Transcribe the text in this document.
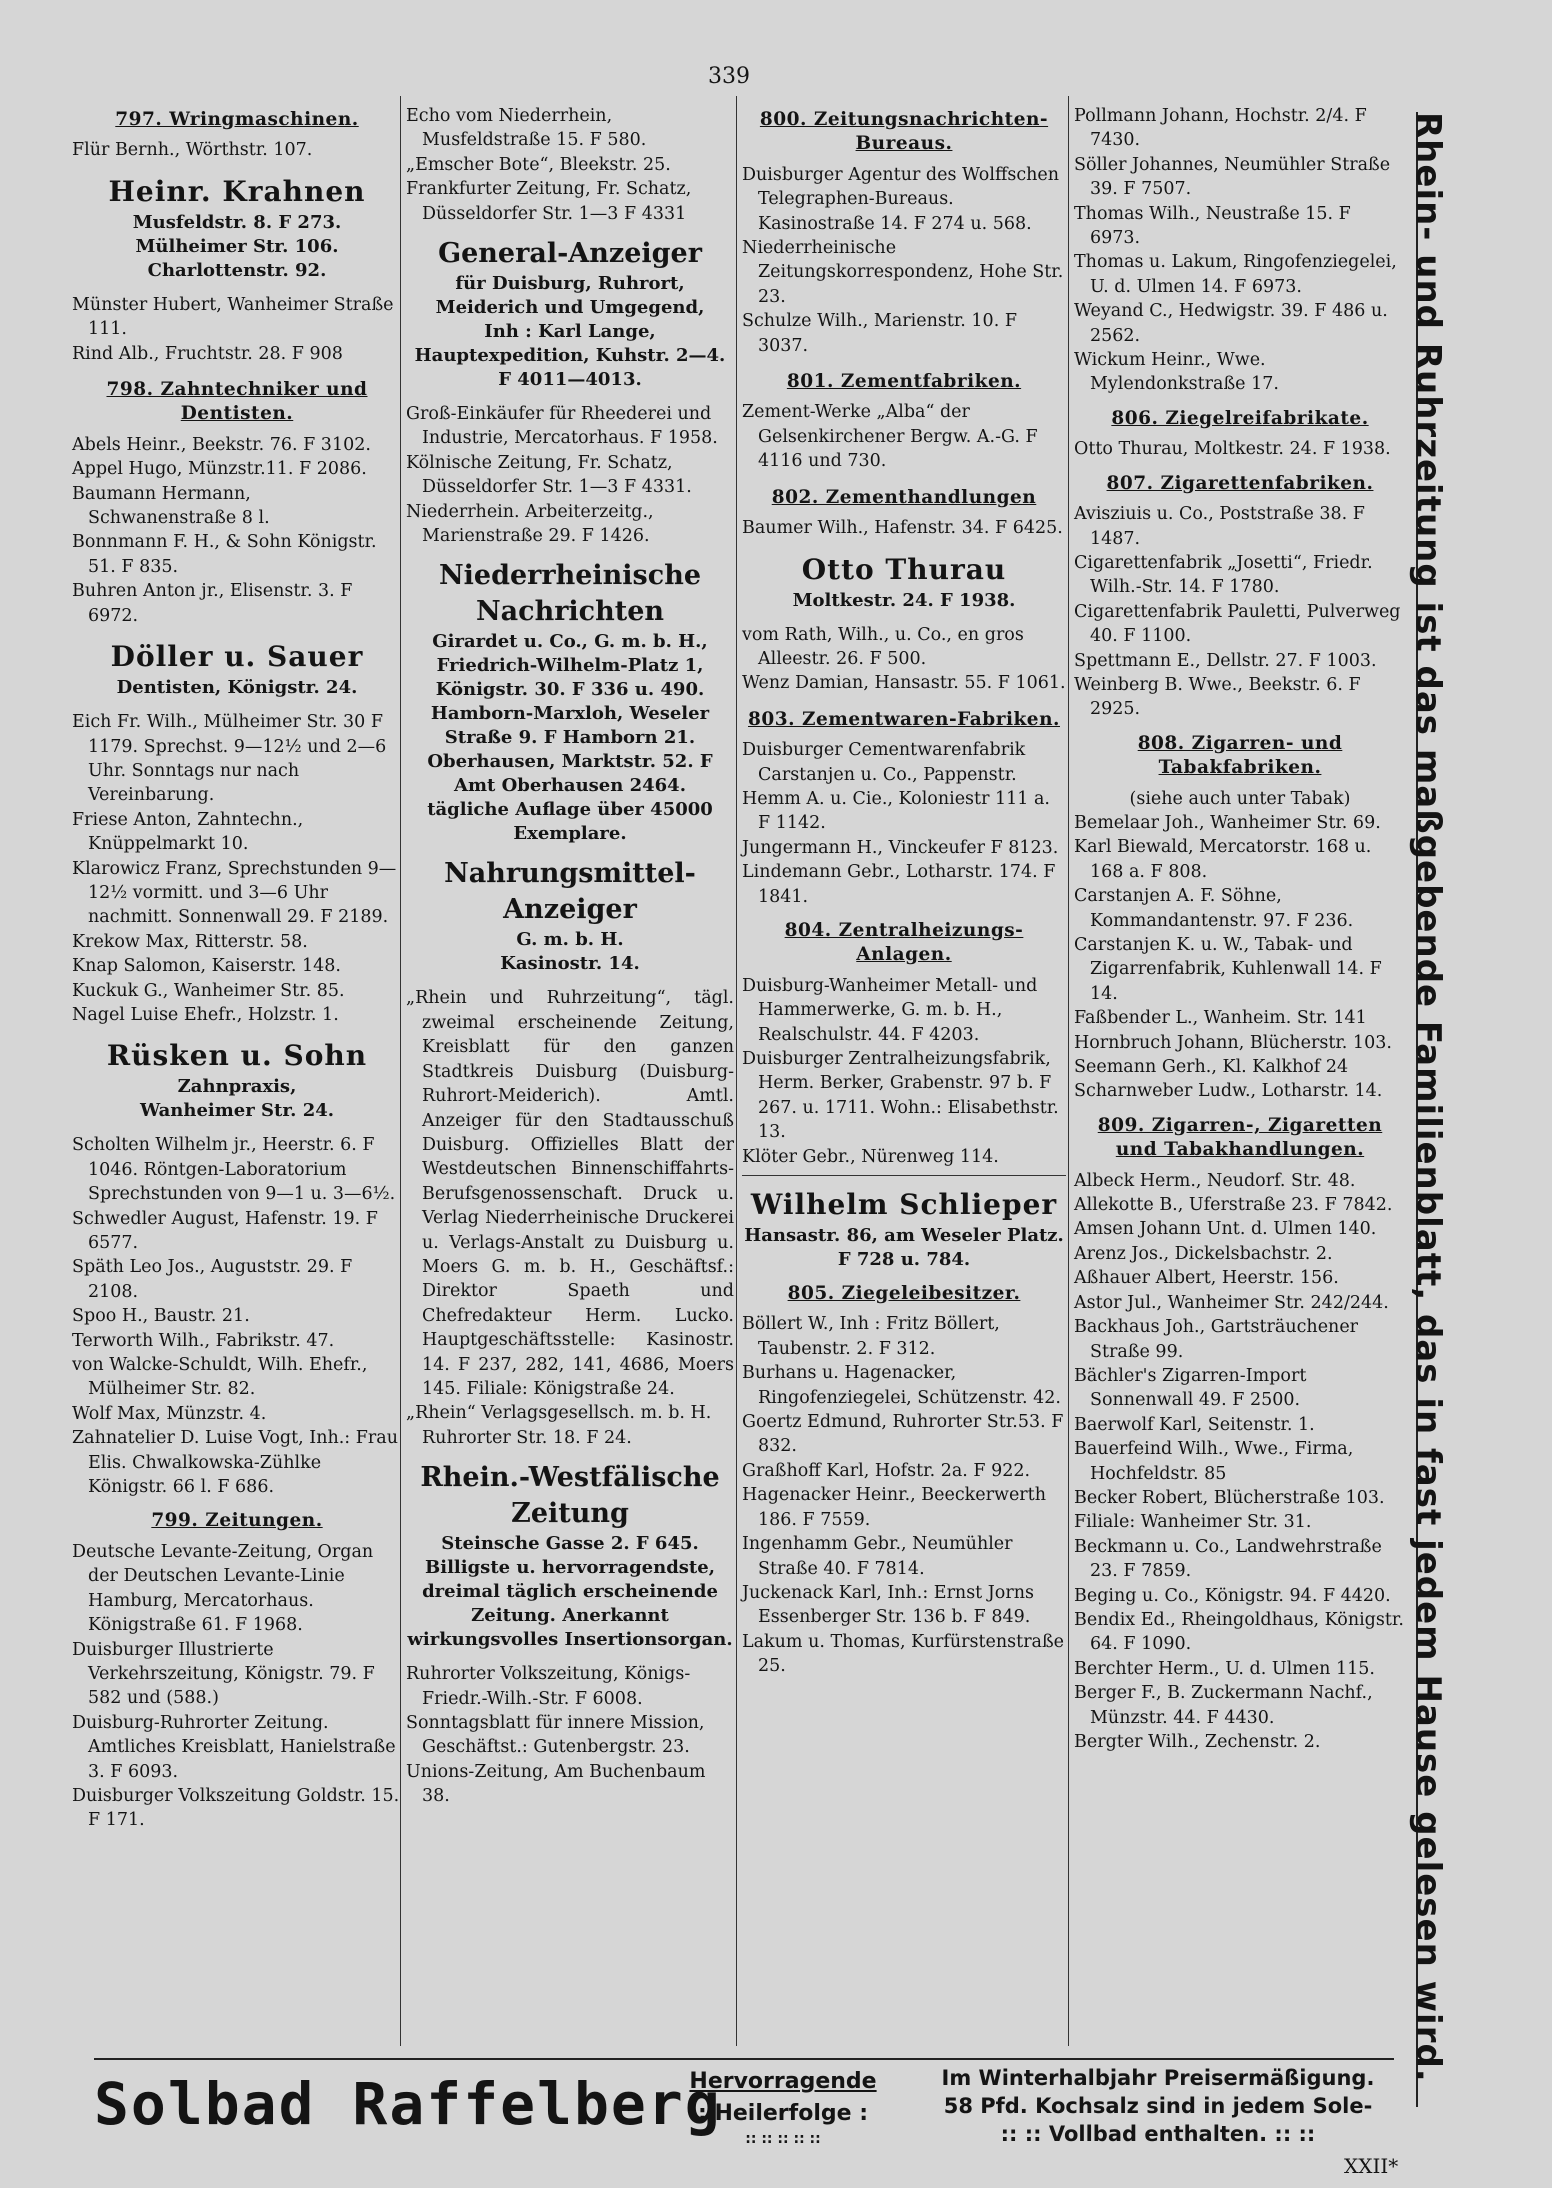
339
797. Wringmaschinen.
Flür Bernh., Wörthstr. 107.
Heinr. Krahnen
Musfeldstr. 8. F 273.
Mülheimer Str. 106.
Charlottenstr. 92.
Münster Hubert, Wanheimer Straße 111.
Rind Alb., Fruchtstr. 28. F 908
798. Zahntechniker und Dentisten.
Abels Heinr., Beekstr. 76. F 3102.
Appel Hugo, Münzstr.11. F 2086.
Baumann Hermann, Schwanenstraße 8 l.
Bonnmann F. H., & Sohn Königstr. 51. F 835.
Buhren Anton jr., Elisenstr. 3. F 6972.
Döller u. Sauer
Dentisten, Königstr. 24.
Eich Fr. Wilh., Mülheimer Str. 30 F 1179. Sprechst. 9—12½ und 2—6 Uhr. Sonntags nur nach Vereinbarung.
Friese Anton, Zahntechn., Knüppelmarkt 10.
Klarowicz Franz, Sprechstunden 9—12½ vormitt. und 3—6 Uhr nachmitt. Sonnenwall 29. F 2189.
Krekow Max, Ritterstr. 58.
Knap Salomon, Kaiserstr. 148.
Kuckuk G., Wanheimer Str. 85.
Nagel Luise Ehefr., Holzstr. 1.
Rüsken u. Sohn
Zahnpraxis,
Wanheimer Str. 24.
Scholten Wilhelm jr., Heerstr. 6. F 1046. Röntgen-Laboratorium Sprechstunden von 9—1 u. 3—6½.
Schwedler August, Hafenstr. 19. F 6577.
Späth Leo Jos., Auguststr. 29. F 2108.
Spoo H., Baustr. 21.
Terworth Wilh., Fabrikstr. 47.
von Walcke-Schuldt, Wilh. Ehefr., Mülheimer Str. 82.
Wolf Max, Münzstr. 4.
Zahnatelier D. Luise Vogt, Inh.: Frau Elis. Chwalkowska-Zühlke Königstr. 66 l. F 686.
799. Zeitungen.
Deutsche Levante-Zeitung, Organ der Deutschen Levante-Linie Hamburg, Mercatorhaus. Königstraße 61. F 1968.
Duisburger Illustrierte Verkehrszeitung, Königstr. 79. F 582 und (588.)
Duisburg-Ruhrorter Zeitung. Amtliches Kreisblatt, Hanielstraße 3. F 6093.
Duisburger Volkszeitung Goldstr. 15. F 171.
Echo vom Niederrhein, Musfeldstraße 15. F 580.
„Emscher Bote“, Bleekstr. 25.
Frankfurter Zeitung, Fr. Schatz, Düsseldorfer Str. 1—3 F 4331
General-Anzeiger
für Duisburg, Ruhrort, Meiderich und Umgegend,
Inh : Karl Lange,
Hauptexpedition, Kuhstr. 2—4. F 4011—4013.
Groß-Einkäufer für Rheederei und Industrie, Mercatorhaus. F 1958.
Kölnische Zeitung, Fr. Schatz, Düsseldorfer Str. 1—3 F 4331.
Niederrhein. Arbeiterzeitg., Marienstraße 29. F 1426.
Niederrheinische Nachrichten
Girardet u. Co., G. m. b. H.,
Friedrich-Wilhelm-Platz 1, Königstr. 30. F 336 u. 490.
Hamborn-Marxloh, Weseler Straße 9. F Hamborn 21. Oberhausen, Marktstr. 52. F Amt Oberhausen 2464.
tägliche Auflage über 45000 Exemplare.
Nahrungsmittel-Anzeiger
G. m. b. H.
Kasinostr. 14.
„Rhein und Ruhrzeitung“, tägl. zweimal erscheinende Zeitung, Kreisblatt für den ganzen Stadtkreis Duisburg (Duisburg-Ruhrort-Meiderich). Amtl. Anzeiger für den Stadtausschuß Duisburg. Offizielles Blatt der Westdeutschen Binnenschiffahrts-Berufsgenossenschaft. Druck u. Verlag Niederrheinische Druckerei u. Verlags-Anstalt zu Duisburg u. Moers G. m. b. H., Geschäftsf.: Direktor Spaeth und Chefredakteur Herm. Lucko. Hauptgeschäftsstelle: Kasinostr. 14. F 237, 282, 141, 4686, Moers 145. Filiale: Königstraße 24.
„Rhein“ Verlagsgesellsch. m. b. H. Ruhrorter Str. 18. F 24.
Rhein.-Westfälische Zeitung
Steinsche Gasse 2. F 645.
Billigste u. hervorragendste, dreimal täglich erscheinende Zeitung. Anerkannt wirkungsvolles Insertionsorgan.
Ruhrorter Volkszeitung, Königs-Friedr.-Wilh.-Str. F 6008.
Sonntagsblatt für innere Mission, Geschäftst.: Gutenbergstr. 23.
Unions-Zeitung, Am Buchenbaum 38.
800. Zeitungsnachrichten-Bureaus.
Duisburger Agentur des Wolffschen Telegraphen-Bureaus. Kasinostraße 14. F 274 u. 568.
Niederrheinische Zeitungskorrespondenz, Hohe Str. 23.
Schulze Wilh., Marienstr. 10. F 3037.
801. Zementfabriken.
Zement-Werke „Alba“ der Gelsenkirchener Bergw. A.-G. F 4116 und 730.
802. Zementhandlungen
Baumer Wilh., Hafenstr. 34. F 6425.
Otto Thurau
Moltkestr. 24. F 1938.
vom Rath, Wilh., u. Co., en gros Alleestr. 26. F 500.
Wenz Damian, Hansastr. 55. F 1061.
803. Zementwaren-Fabriken.
Duisburger Cementwarenfabrik Carstanjen u. Co., Pappenstr.
Hemm A. u. Cie., Koloniestr 111 a. F 1142.
Jungermann H., Vinckeufer F 8123.
Lindemann Gebr., Lotharstr. 174. F 1841.
804. Zentralheizungs-Anlagen.
Duisburg-Wanheimer Metall- und Hammerwerke, G. m. b. H., Realschulstr. 44. F 4203.
Duisburger Zentralheizungsfabrik, Herm. Berker, Grabenstr. 97 b. F 267. u. 1711. Wohn.: Elisabethstr. 13.
Klöter Gebr., Nürenweg 114.
Wilhelm Schlieper
Hansastr. 86, am Weseler Platz. F 728 u. 784.
805. Ziegeleibesitzer.
Böllert W., Inh : Fritz Böllert, Taubenstr. 2. F 312.
Burhans u. Hagenacker, Ringofenziegelei, Schützenstr. 42.
Goertz Edmund, Ruhrorter Str.53. F 832.
Graßhoff Karl, Hofstr. 2a. F 922.
Hagenacker Heinr., Beeckerwerth 186. F 7559.
Ingenhamm Gebr., Neumühler Straße 40. F 7814.
Juckenack Karl, Inh.: Ernst Jorns Essenberger Str. 136 b. F 849.
Lakum u. Thomas, Kurfürstenstraße 25.
Pollmann Johann, Hochstr. 2/4. F 7430.
Söller Johannes, Neumühler Straße 39. F 7507.
Thomas Wilh., Neustraße 15. F 6973.
Thomas u. Lakum, Ringofenziegelei, U. d. Ulmen 14. F 6973.
Weyand C., Hedwigstr. 39. F 486 u. 2562.
Wickum Heinr., Wwe. Mylendonkstraße 17.
806. Ziegelreifabrikate.
Otto Thurau, Moltkestr. 24. F 1938.
807. Zigarettenfabriken.
Avisziuis u. Co., Poststraße 38. F 1487.
Cigarettenfabrik „Josetti“, Friedr. Wilh.-Str. 14. F 1780.
Cigarettenfabrik Pauletti, Pulverweg 40. F 1100.
Spettmann E., Dellstr. 27. F 1003.
Weinberg B. Wwe., Beekstr. 6. F 2925.
808. Zigarren- und Tabakfabriken.
(siehe auch unter Tabak)
Bemelaar Joh., Wanheimer Str. 69.
Karl Biewald, Mercatorstr. 168 u. 168 a. F 808.
Carstanjen A. F. Söhne, Kommandantenstr. 97. F 236.
Carstanjen K. u. W., Tabak- und Zigarrenfabrik, Kuhlenwall 14. F 14.
Faßbender L., Wanheim. Str. 141
Hornbruch Johann, Blücherstr. 103.
Seemann Gerh., Kl. Kalkhof 24
Scharnweber Ludw., Lotharstr. 14.
809. Zigarren-, Zigaretten und Tabakhandlungen.
Albeck Herm., Neudorf. Str. 48.
Allekotte B., Uferstraße 23. F 7842.
Amsen Johann Unt. d. Ulmen 140.
Arenz Jos., Dickelsbachstr. 2.
Aßhauer Albert, Heerstr. 156.
Astor Jul., Wanheimer Str. 242/244.
Backhaus Joh., Gartsträuchener Straße 99.
Bächler's Zigarren-Import Sonnenwall 49. F 2500.
Baerwolf Karl, Seitenstr. 1.
Bauerfeind Wilh., Wwe., Firma, Hochfeldstr. 85
Becker Robert, Blücherstraße 103.
Filiale: Wanheimer Str. 31.
Beckmann u. Co., Landwehrstraße 23. F 7859.
Beging u. Co., Königstr. 94. F 4420.
Bendix Ed., Rheingoldhaus, Königstr. 64. F 1090.
Berchter Herm., U. d. Ulmen 115.
Berger F., B. Zuckermann Nachf., Münzstr. 44. F 4430.
Bergter Wilh., Zechenstr. 2.	Rhein- und Ruhrzeitung ist das maßgebende Familienblatt, das in fast jedem Hause gelesen wird.
Solbad Raffelberg
Hervorragende
: Heilerfolge :
:: :: :: :: ::
Im Winterhalbjahr Preisermäßigung.
58 Pfd. Kochsalz sind in jedem Sole-
:: :: Vollbad enthalten. :: ::
XXII*
